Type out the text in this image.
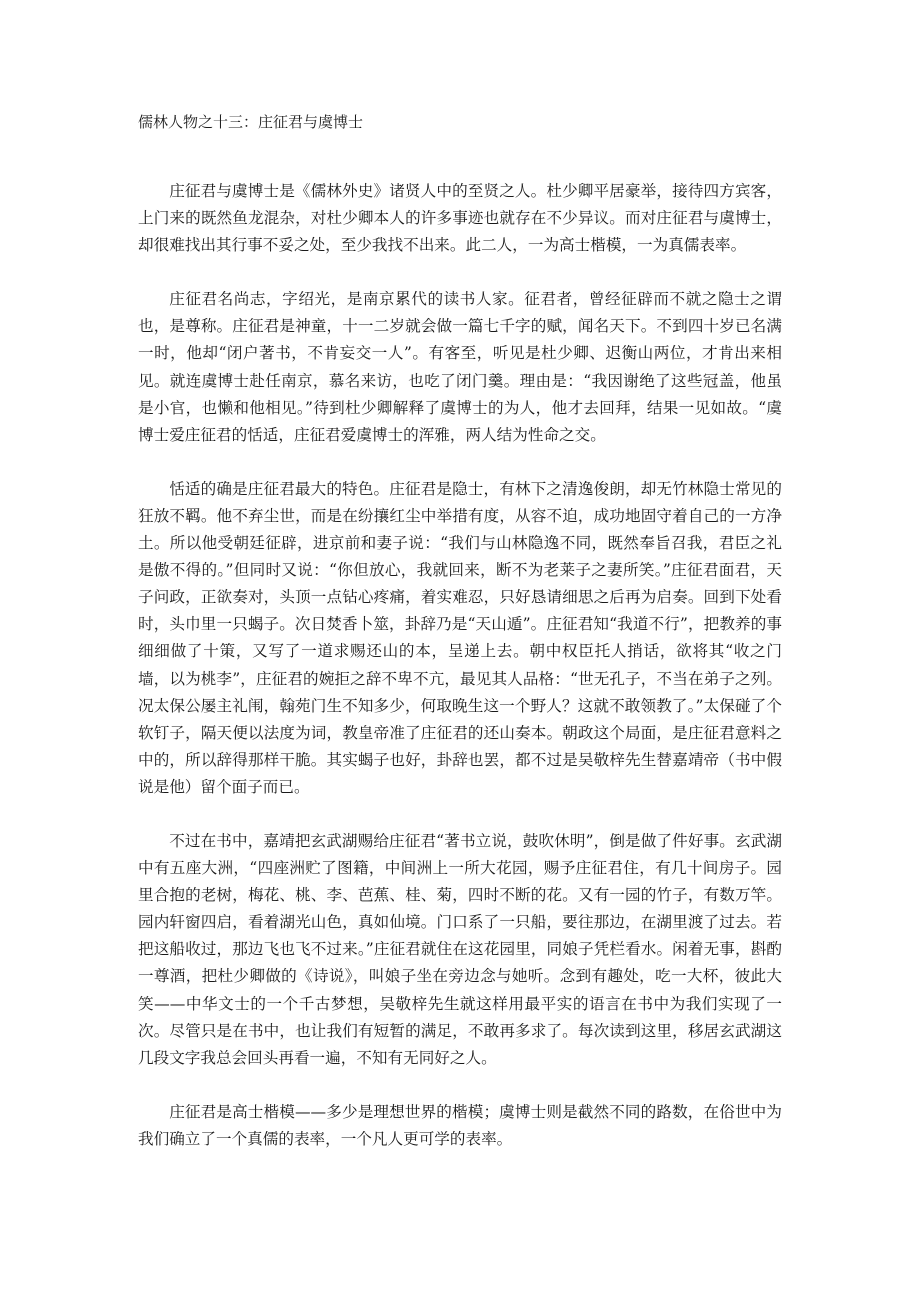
儒林人物之十三：庄征君与虞博士

庄征君与虞博士是《儒林外史》诸贤人中的至贤之人。杜少卿平居豪举，接待四方宾客，上门来的既然鱼龙混杂，对杜少卿本人的许多事迹也就存在不少异议。而对庄征君与虞博士，却很难找出其行事不妥之处，至少我找不出来。此二人，一为高士楷模，一为真儒表率。

庄征君名尚志，字绍光，是南京累代的读书人家。征君者，曾经征辟而不就之隐士之谓也，是尊称。庄征君是神童，十一二岁就会做一篇七千字的赋，闻名天下。不到四十岁已名满一时，他却“闭户著书，不肯妄交一人”。有客至，听见是杜少卿、迟衡山两位，才肯出来相见。就连虞博士赴任南京，慕名来访，也吃了闭门羹。理由是：“我因谢绝了这些冠盖，他虽是小官，也懒和他相见。”待到杜少卿解释了虞博士的为人，他才去回拜，结果一见如故。“虞博士爱庄征君的恬适，庄征君爱虞博士的浑雅，两人结为性命之交。

恬适的确是庄征君最大的特色。庄征君是隐士，有林下之清逸俊朗，却无竹林隐士常见的狂放不羁。他不弃尘世，而是在纷攘红尘中举措有度，从容不迫，成功地固守着自己的一方净土。所以他受朝廷征辟，进京前和妻子说：“我们与山林隐逸不同，既然奉旨召我，君臣之礼是傲不得的。”但同时又说：“你但放心，我就回来，断不为老莱子之妻所笑。”庄征君面君，天子问政，正欲奏对，头顶一点钻心疼痛，着实难忍，只好恳请细思之后再为启奏。回到下处看时，头巾里一只蝎子。次日焚香卜筮，卦辞乃是“天山遁”。庄征君知“我道不行”，把教养的事细细做了十策，又写了一道求赐还山的本，呈递上去。朝中权臣托人捎话，欲将其“收之门墙，以为桃李”，庄征君的婉拒之辞不卑不亢，最见其人品格：“世无孔子，不当在弟子之列。况太保公屡主礼闱，翰苑门生不知多少，何取晚生这一个野人？这就不敢领教了。”太保碰了个软钉子，隔天便以法度为词，教皇帝准了庄征君的还山奏本。朝政这个局面，是庄征君意料之中的，所以辞得那样干脆。其实蝎子也好，卦辞也罢，都不过是吴敬梓先生替嘉靖帝（书中假说是他）留个面子而已。

不过在书中，嘉靖把玄武湖赐给庄征君“著书立说，鼓吹休明”，倒是做了件好事。玄武湖中有五座大洲，“四座洲贮了图籍，中间洲上一所大花园，赐予庄征君住，有几十间房子。园里合抱的老树，梅花、桃、李、芭蕉、桂、菊，四时不断的花。又有一园的竹子，有数万竿。园内轩窗四启，看着湖光山色，真如仙境。门口系了一只船，要往那边，在湖里渡了过去。若把这船收过，那边飞也飞不过来。”庄征君就住在这花园里，同娘子凭栏看水。闲着无事，斟酌一尊酒，把杜少卿做的《诗说》，叫娘子坐在旁边念与她听。念到有趣处，吃一大杯，彼此大笑——中华文士的一个千古梦想，吴敬梓先生就这样用最平实的语言在书中为我们实现了一次。尽管只是在书中，也让我们有短暂的满足，不敢再多求了。每次读到这里，移居玄武湖这几段文字我总会回头再看一遍，不知有无同好之人。

庄征君是高士楷模——多少是理想世界的楷模；虞博士则是截然不同的路数，在俗世中为我们确立了一个真儒的表率，一个凡人更可学的表率。
